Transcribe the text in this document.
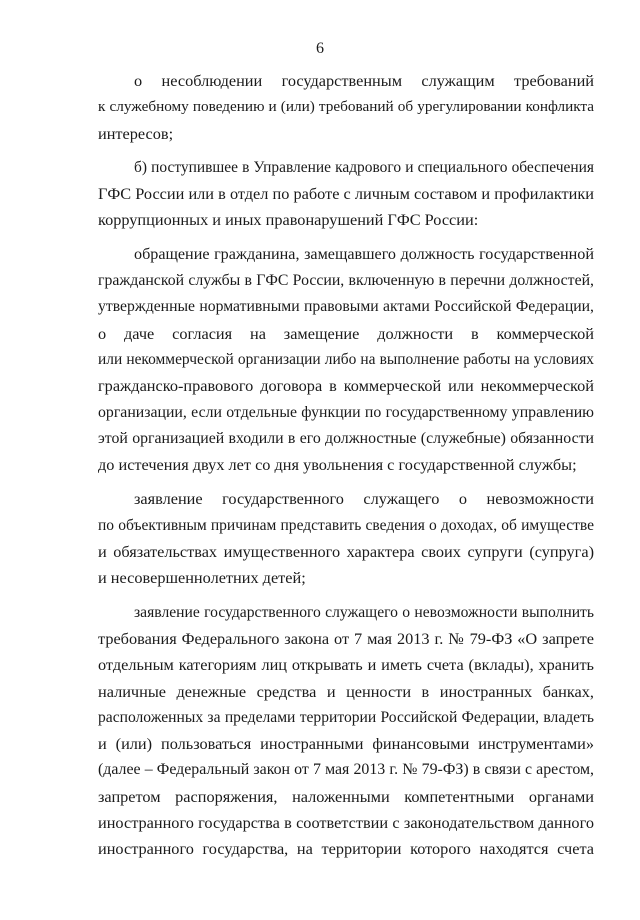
6
о несоблюдении государственным служащим требований
к служебному поведению и (или) требований об урегулировании конфликта
интересов;
б) поступившее в Управление кадрового и специального обеспечения
ГФС России или в отдел по работе с личным составом и профилактики
коррупционных и иных правонарушений ГФС России:
обращение гражданина, замещавшего должность государственной
гражданской службы в ГФС России, включенную в перечни должностей,
утвержденные нормативными правовыми актами Российской Федерации,
о даче согласия на замещение должности в коммерческой
или некоммерческой организации либо на выполнение работы на условиях
гражданско-правового договора в коммерческой или некоммерческой
организации, если отдельные функции по государственному управлению
этой организацией входили в его должностные (служебные) обязанности
до истечения двух лет со дня увольнения с государственной службы;
заявление государственного служащего о невозможности
по объективным причинам представить сведения о доходах, об имуществе
и обязательствах имущественного характера своих супруги (супруга)
и несовершеннолетних детей;
заявление государственного служащего о невозможности выполнить
требования Федерального закона от 7 мая 2013 г. № 79-ФЗ «О запрете
отдельным категориям лиц открывать и иметь счета (вклады), хранить
наличные денежные средства и ценности в иностранных банках,
расположенных за пределами территории Российской Федерации, владеть
и (или) пользоваться иностранными финансовыми инструментами»
(далее – Федеральный закон от 7 мая 2013 г. № 79-ФЗ) в связи с арестом,
запретом распоряжения, наложенными компетентными органами
иностранного государства в соответствии с законодательством данного
иностранного государства, на территории которого находятся счета
